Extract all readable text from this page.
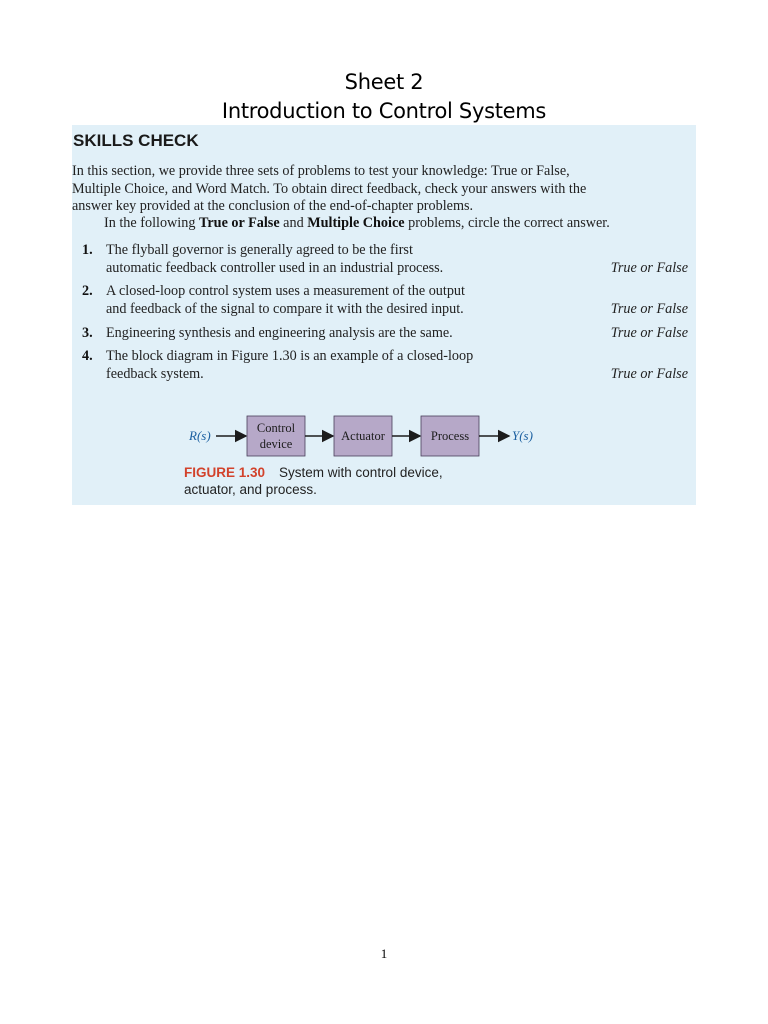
Sheet 2
Introduction to Control Systems
SKILLS CHECK
In this section, we provide three sets of problems to test your knowledge: True or False,
Multiple Choice, and Word Match. To obtain direct feedback, check your answers with the
answer key provided at the conclusion of the end-of-chapter problems.
In the following True or False and Multiple Choice problems, circle the correct answer.
1. The flyball governor is generally agreed to be the first
automatic feedback controller used in an industrial process.	True or False
2. A closed-loop control system uses a measurement of the output
and feedback of the signal to compare it with the desired input.	True or False
3. Engineering synthesis and engineering analysis are the same.	True or False
4. The block diagram in Figure 1.30 is an example of a closed-loop
feedback system.	True or False
R(s)	Control
device
Actuator	Process	Y(s)
FIGURE 1.30 System with control device,
actuator, and process.
1
